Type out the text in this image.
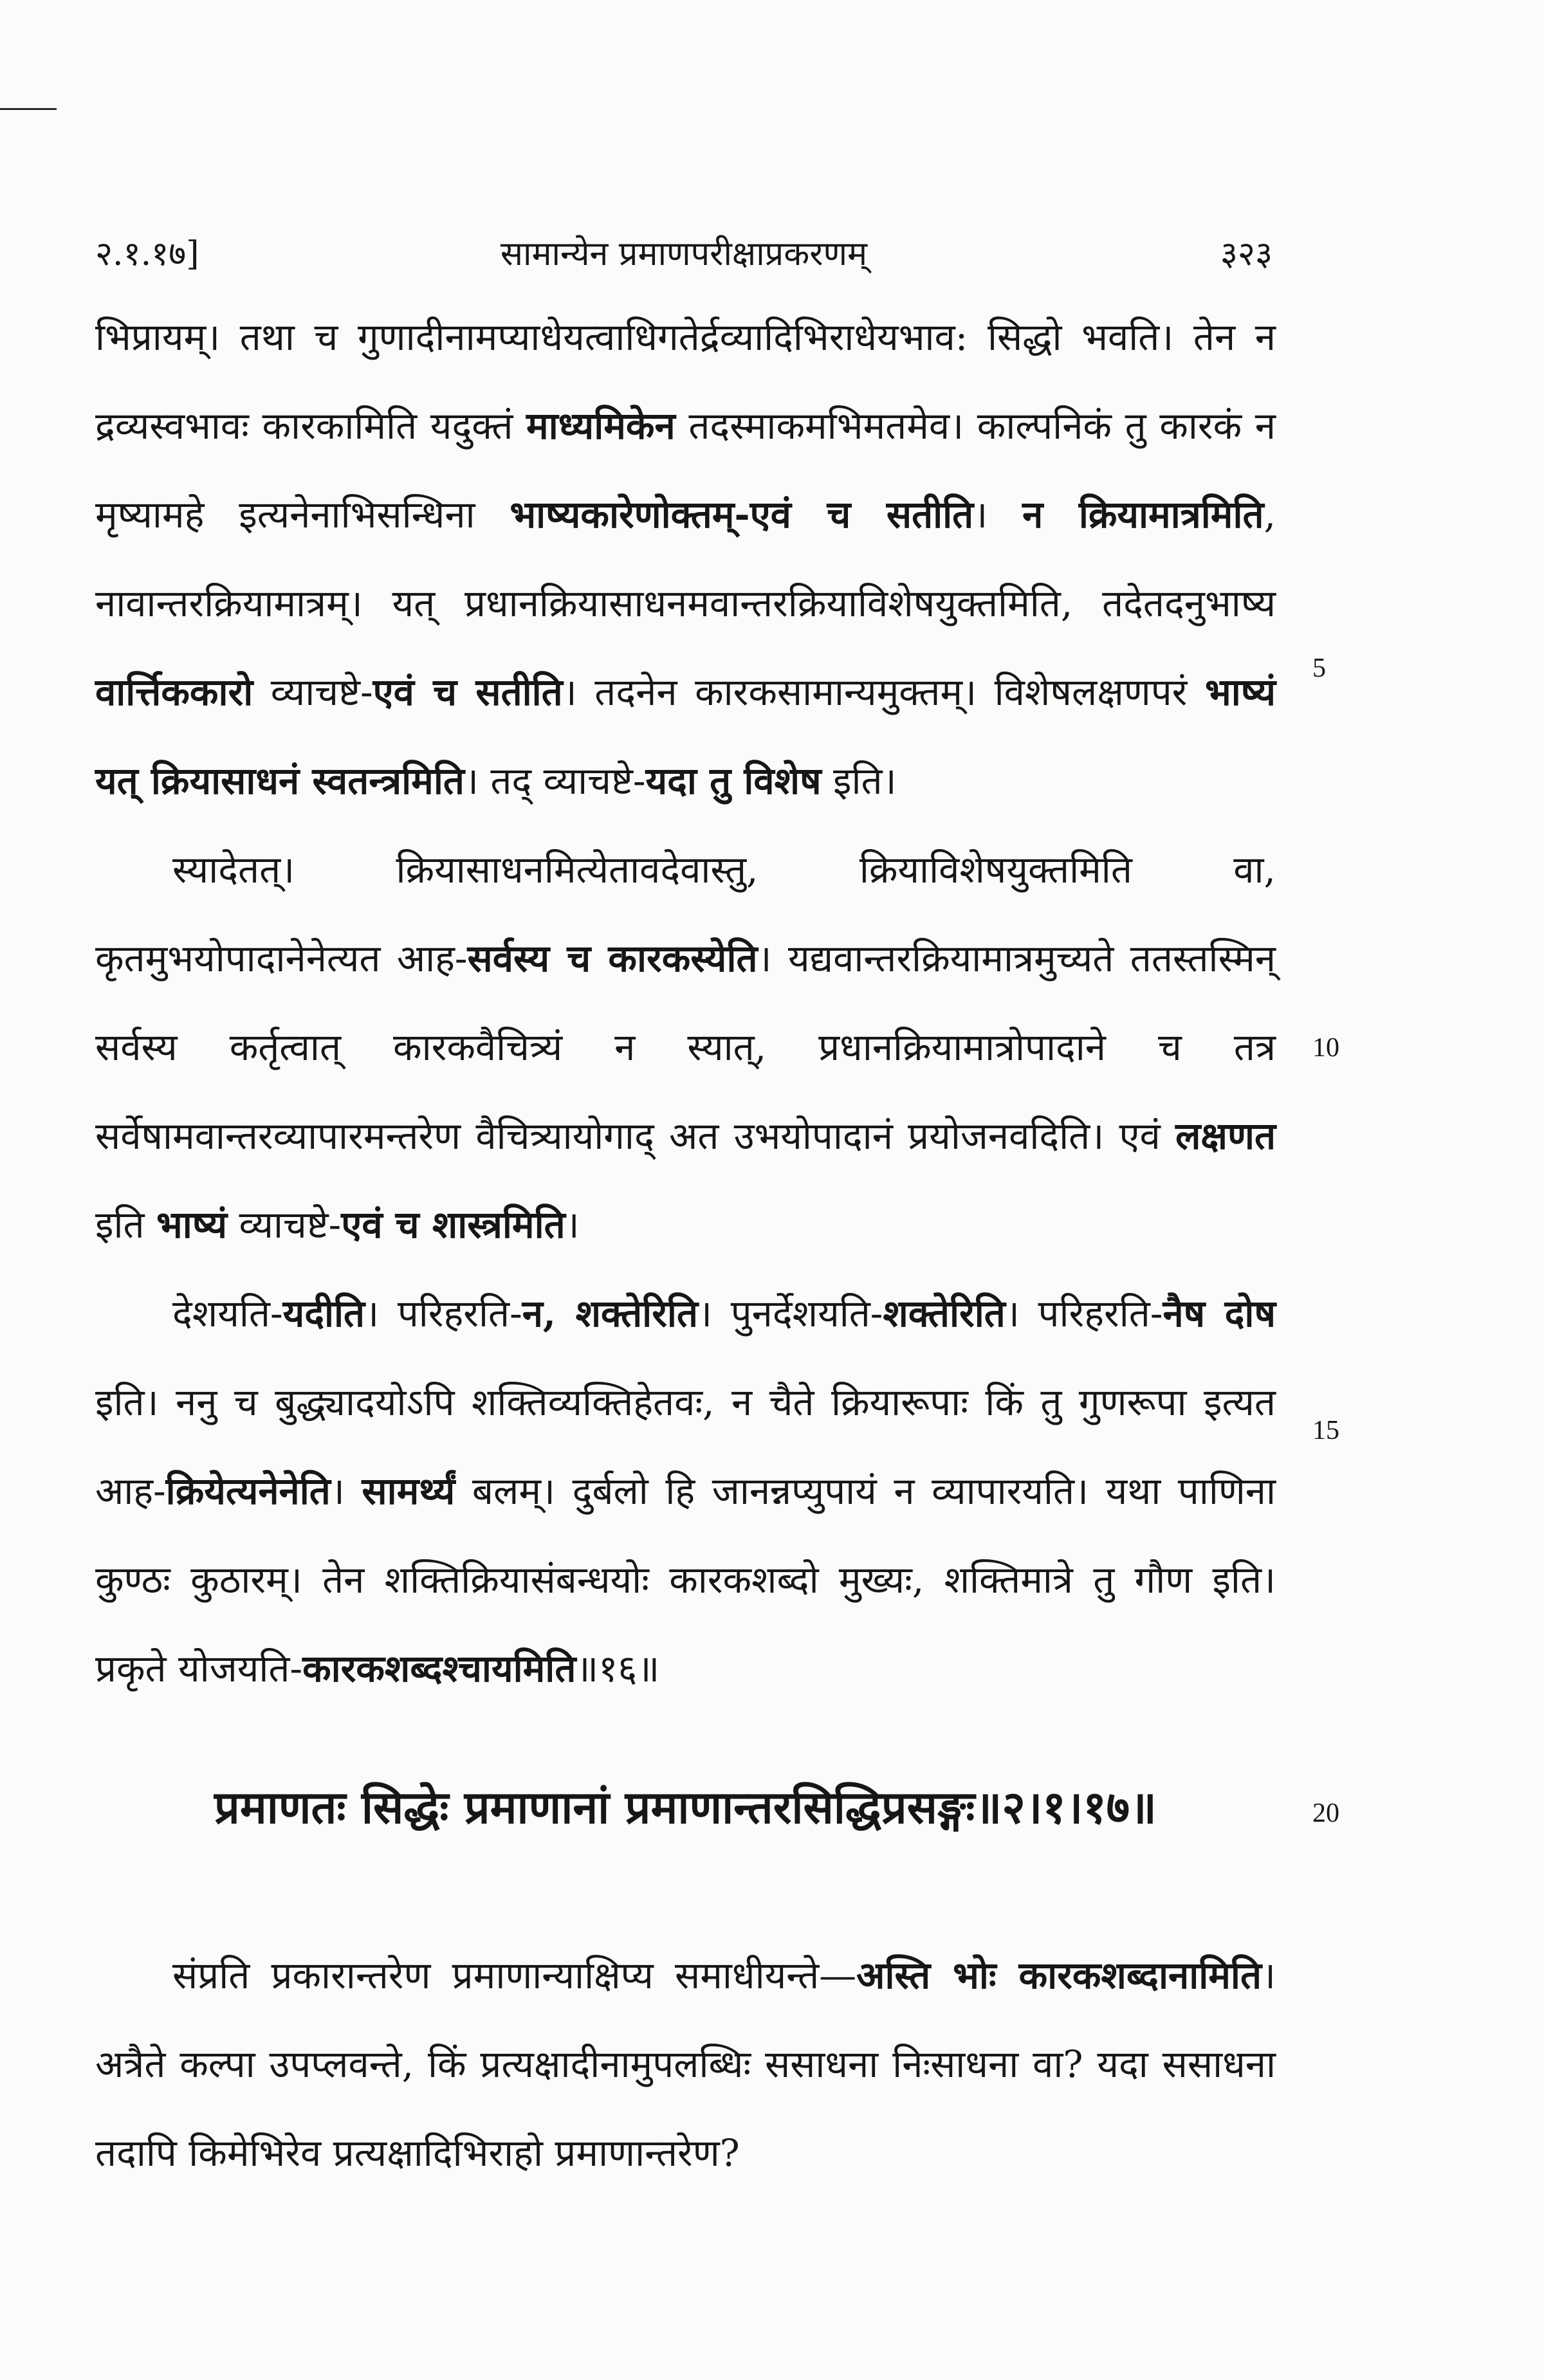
२.१.१७]	सामान्येन प्रमाणपरीक्षाप्रकरणम्	३२३

भिप्रायम्। तथा च गुणादीनामप्याधेयत्वाधिगतेर्द्रव्यादिभिराधेयभाव: सिद्धो भवति। तेन न द्रव्यस्वभावः कारकामिति यदुक्तं माध्यमिकेन तदस्माकमभिमतमेव। काल्पनिकं तु कारकं न मृष्यामहे इत्यनेनाभिसन्धिना भाष्यकारेणोक्तम्-एवं च सतीति। न क्रियामात्रमिति, नावान्तरक्रियामात्रम्। यत् प्रधानक्रियासाधनमवान्तरक्रियाविशेषयुक्तमिति, तदेतदनुभाष्य वार्त्तिककारो व्याचष्टे-एवं च सतीति। तदनेन कारकसामान्यमुक्तम्। विशेषलक्षणपरं भाष्यं यत् क्रियासाधनं स्वतन्त्रमिति। तद् व्याचष्टे-यदा तु विशेष इति।

स्यादेतत्। क्रियासाधनमित्येतावदेवास्तु, क्रियाविशेषयुक्तमिति वा, कृतमुभयोपादानेनेत्यत आह-सर्वस्य च कारकस्येति। यद्यवान्तरक्रियामात्रमुच्यते ततस्तस्मिन् सर्वस्य कर्तृत्वात् कारकवैचित्र्यं न स्यात्, प्रधानक्रियामात्रोपादाने च तत्र सर्वेषामवान्तरव्यापारमन्तरेण वैचित्र्यायोगाद् अत उभयोपादानं प्रयोजनवदिति। एवं लक्षणत इति भाष्यं व्याचष्टे-एवं च शास्त्रमिति।

देशयति-यदीति। परिहरति-न, शक्तेरिति। पुनर्देशयति-शक्तेरिति। परिहरति-नैष दोष इति। ननु च बुद्ध्यादयोऽपि शक्तिव्यक्तिहेतवः, न चैते क्रियारूपाः किं तु गुणरूपा इत्यत आह-क्रियेत्यनेनेति। सामर्थ्यं बलम्। दुर्बलो हि जानन्नप्युपायं न व्यापारयति। यथा पाणिना कुण्ठः कुठारम्। तेन शक्तिक्रियासंबन्धयोः कारकशब्दो मुख्यः, शक्तिमात्रे तु गौण इति। प्रकृते योजयति-कारकशब्दश्चायमिति॥१६॥

प्रमाणतः सिद्धेः प्रमाणानां प्रमाणान्तरसिद्धिप्रसङ्गः॥२।१।१७॥

संप्रति प्रकारान्तरेण प्रमाणान्याक्षिप्य समाधीयन्ते—अस्ति भोः कारकशब्दानामिति। अत्रैते कल्पा उपप्लवन्ते, किं प्रत्यक्षादीनामुपलब्धिः ससाधना निःसाधना वा? यदा ससाधना तदापि किमेभिरेव प्रत्यक्षादिभिराहो प्रमाणान्तरेण?

5
10
15
20
